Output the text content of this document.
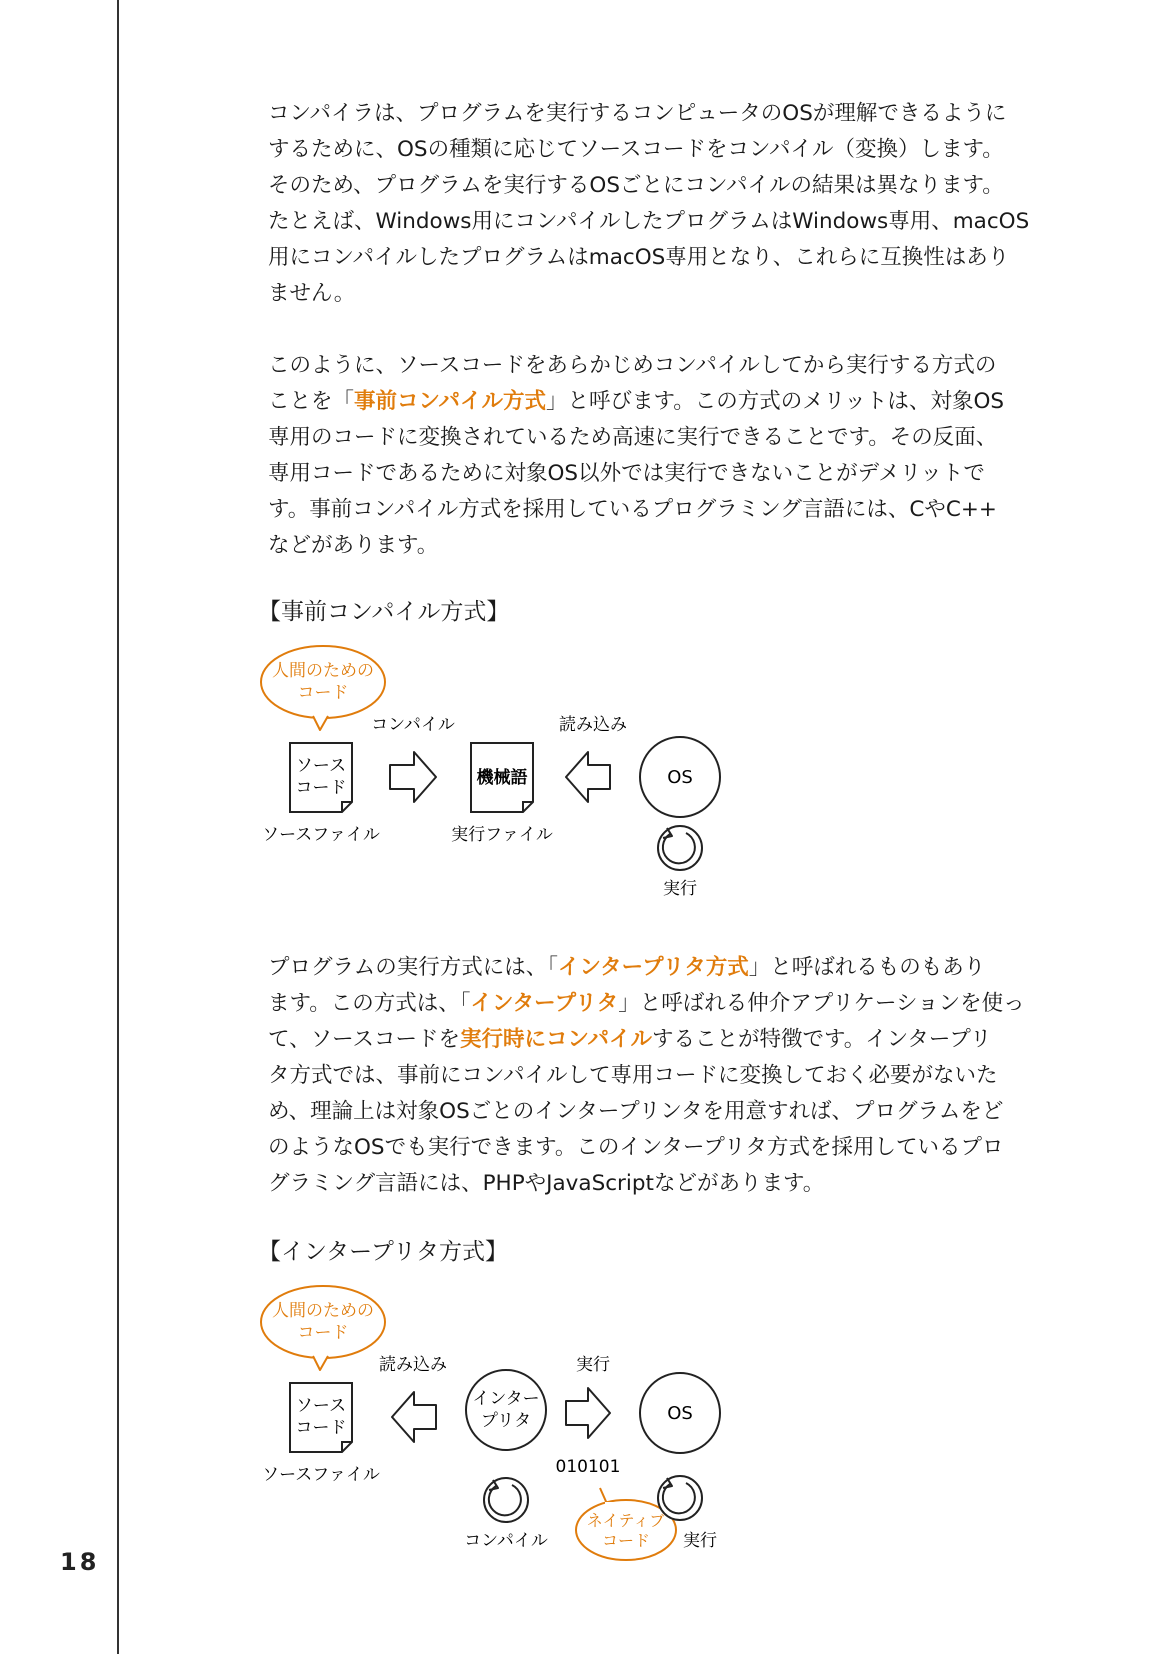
18

コンパイラは、プログラムを実行するコンピュータのOSが理解できるように
するために、OSの種類に応じてソースコードをコンパイル（変換）します。
そのため、プログラムを実行するOSごとにコンパイルの結果は異なります。
たとえば、Windows用にコンパイルしたプログラムはWindows専用、macOS
用にコンパイルしたプログラムはmacOS専用となり、これらに互換性はあり
ません。

このように、ソースコードをあらかじめコンパイルしてから実行する方式の
ことを「事前コンパイル方式」と呼びます。この方式のメリットは、対象OS
専用のコードに変換されているため高速に実行できることです。その反面、
専用コードであるために対象OS以外では実行できないことがデメリットで
す。事前コンパイル方式を採用しているプログラミング言語には、CやC++
などがあります。

【事前コンパイル方式】

人間のための
コード
ソース
コード
ソースファイル
コンパイル
機械語
実行ファイル
読み込み
OS
実行

プログラムの実行方式には、「インタープリタ方式」と呼ばれるものもあり
ます。この方式は、「インタープリタ」と呼ばれる仲介アプリケーションを使っ
て、ソースコードを実行時にコンパイルすることが特徴です。インタープリ
タ方式では、事前にコンパイルして専用コードに変換しておく必要がないた
め、理論上は対象OSごとのインタープリンタを用意すれば、プログラムをど
のようなOSでも実行できます。このインタープリタ方式を採用しているプロ
グラミング言語には、PHPやJavaScriptなどがあります。

【インタープリタ方式】

人間のための
コード
ソース
コード
ソースファイル
読み込み
インター
プリタ
コンパイル
実行
010101
ネイティブ
コード
OS
実行
